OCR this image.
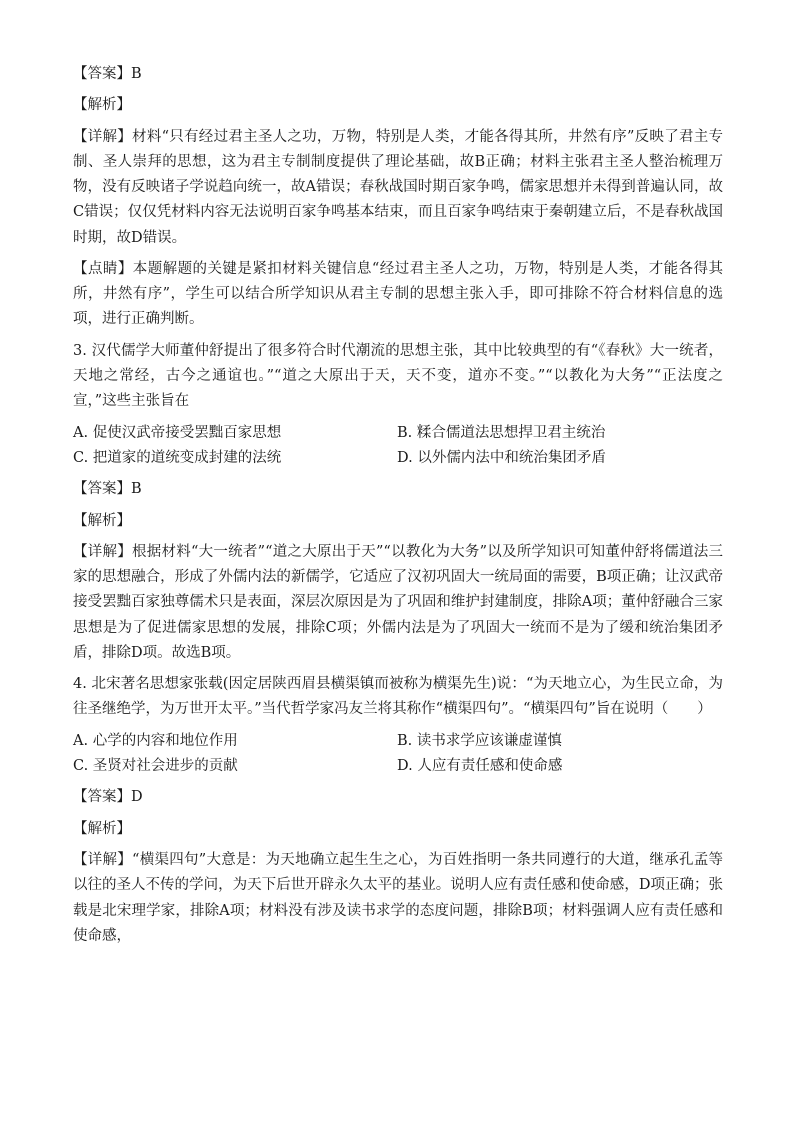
【答案】B

【解析】

【详解】材料“只有经过君主圣人之功，万物，特别是人类，才能各得其所，井然有序”反映了君主专制、圣人崇拜的思想，这为君主专制制度提供了理论基础，故B正确；材料主张君主圣人整治梳理万物，没有反映诸子学说趋向统一，故A错误；春秋战国时期百家争鸣，儒家思想并未得到普遍认同，故C错误；仅仅凭材料内容无法说明百家争鸣基本结束，而且百家争鸣结束于秦朝建立后，不是春秋战国时期，故D错误。

【点睛】本题解题的关键是紧扣材料关键信息“经过君主圣人之功，万物，特别是人类，才能各得其所，井然有序”，学生可以结合所学知识从君主专制的思想主张入手，即可排除不符合材料信息的选项，进行正确判断。

3. 汉代儒学大师董仲舒提出了很多符合时代潮流的思想主张，其中比较典型的有“《春秋》大一统者，天地之常经，古今之通谊也。”“道之大原出于天，天不变，道亦不变。”“以教化为大务”“正法度之宣，”这些主张旨在

A. 促使汉武帝接受罢黜百家思想	B. 糅合儒道法思想捍卫君主统治
C. 把道家的道统变成封建的法统	D. 以外儒内法中和统治集团矛盾

【答案】B

【解析】

【详解】根据材料“大一统者”“道之大原出于天”“以教化为大务”以及所学知识可知董仲舒将儒道法三家的思想融合，形成了外儒内法的新儒学，它适应了汉初巩固大一统局面的需要，B项正确；让汉武帝接受罢黜百家独尊儒术只是表面，深层次原因是为了巩固和维护封建制度，排除A项；董仲舒融合三家思想是为了促进儒家思想的发展，排除C项；外儒内法是为了巩固大一统而不是为了缓和统治集团矛盾，排除D项。故选B项。

4. 北宋著名思想家张载(因定居陕西眉县横渠镇而被称为横渠先生)说：“为天地立心，为生民立命，为往圣继绝学，为万世开太平。”当代哲学家冯友兰将其称作“横渠四句”。“横渠四句”旨在说明（　　）

A. 心学的内容和地位作用	B. 读书求学应该谦虚谨慎
C. 圣贤对社会进步的贡献	D. 人应有责任感和使命感

【答案】D

【解析】

【详解】“横渠四句”大意是：为天地确立起生生之心，为百姓指明一条共同遵行的大道，继承孔孟等以往的圣人不传的学问，为天下后世开辟永久太平的基业。说明人应有责任感和使命感，D项正确；张载是北宋理学家，排除A项；材料没有涉及读书求学的态度问题，排除B项；材料强调人应有责任感和使命感，
